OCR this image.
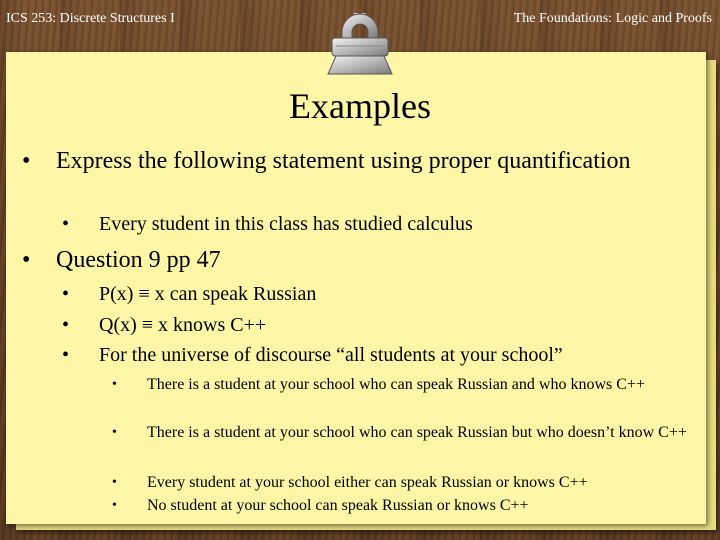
ICS 253: Discrete Structures I	The Foundations: Logic and Proofs
Examples
• Express the following statement using proper quantification
• Every student in this class has studied calculus
• Question 9 pp 47
• P(x) ≡ x can speak Russian
• Q(x) ≡ x knows C++
• For the universe of discourse “all students at your school”
• There is a student at your school who can speak Russian and who knows C++
• There is a student at your school who can speak Russian but who doesn’t know C++
• Every student at your school either can speak Russian or knows C++
• No student at your school can speak Russian or knows C++
